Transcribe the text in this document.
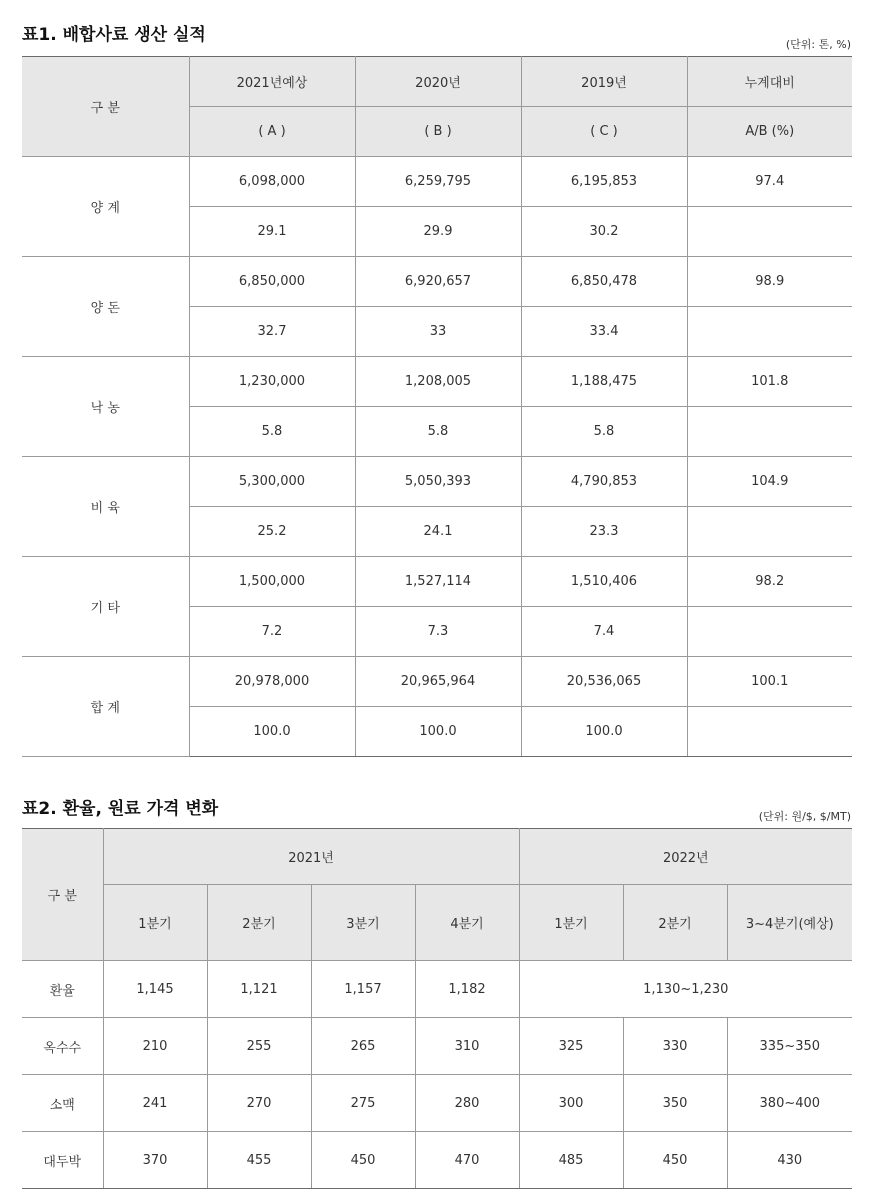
표1. 배합사료 생산 실적	(단위: 톤, %)
구 분	2021년예상	2020년	2019년	누계대비
	( A )	( B )	( C )	A/B (%)
양 계	6,098,000	6,259,795	6,195,853	97.4
	29.1	29.9	30.2	
양 돈	6,850,000	6,920,657	6,850,478	98.9
	32.7	33	33.4	
낙 농	1,230,000	1,208,005	1,188,475	101.8
	5.8	5.8	5.8	
비 육	5,300,000	5,050,393	4,790,853	104.9
	25.2	24.1	23.3	
기 타	1,500,000	1,527,114	1,510,406	98.2
	7.2	7.3	7.4	
합 계	20,978,000	20,965,964	20,536,065	100.1
	100.0	100.0	100.0	
표2. 환율, 원료 가격 변화	(단위: 원/$, $/MT)
구 분	2021년				2022년		
	1분기	2분기	3분기	4분기	1분기	2분기	3~4분기(예상)
환율	1,145	1,121	1,157	1,182	1,130~1,230		
옥수수	210	255	265	310	325	330	335~350
소맥	241	270	275	280	300	350	380~400
대두박	370	455	450	470	485	450	430
